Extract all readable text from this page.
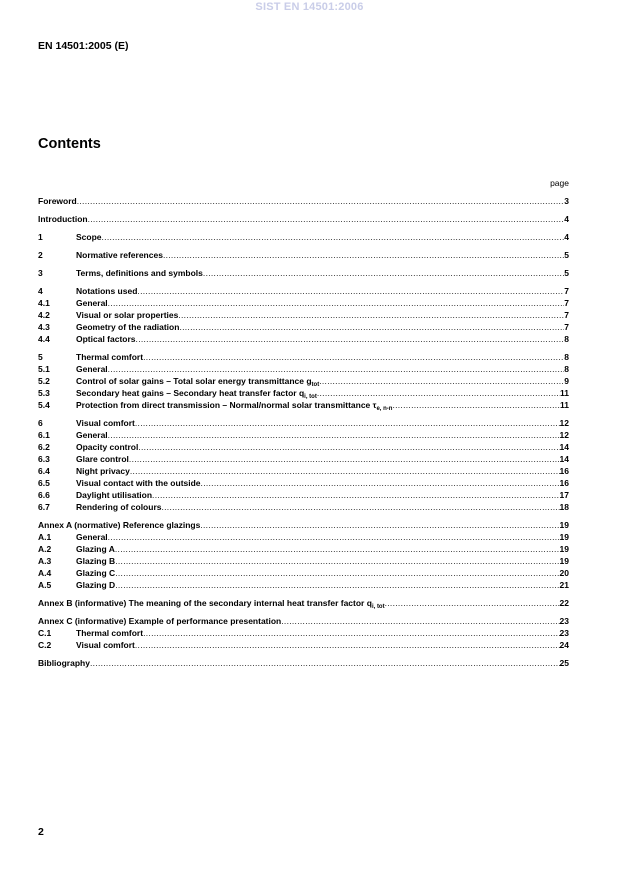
SIST EN 14501:2006
EN 14501:2005 (E)
Contents
page
Foreword .....	3
Introduction .....	4
1	Scope .....	4
2	Normative references .....	5
3	Terms, definitions and symbols .....	5
4	Notations used .....	7
4.1	General .....	7
4.2	Visual or solar properties .....	7
4.3	Geometry of the radiation .....	7
4.4	Optical factors .....	8
5	Thermal comfort .....	8
5.1	General .....	8
5.2	Control of solar gains – Total solar energy transmittance $g_{tot}$ .....	9
5.3	Secondary heat gains – Secondary heat transfer factor $q_{i, tot}$ .....	11
5.4	Protection from direct transmission – Normal/normal solar transmittance $\tau_{e, n-n}$ .....	11
6	Visual comfort .....	12
6.1	General .....	12
6.2	Opacity control .....	14
6.3	Glare control .....	14
6.4	Night privacy .....	16
6.5	Visual contact with the outside .....	16
6.6	Daylight utilisation .....	17
6.7	Rendering of colours .....	18
Annex A (normative) Reference glazings .....	19
A.1	General .....	19
A.2	Glazing A .....	19
A.3	Glazing B .....	19
A.4	Glazing C .....	20
A.5	Glazing D .....	21
Annex B (informative) The meaning of the secondary internal heat transfer factor $q_{i, tot}$ .....	22
Annex C (informative) Example of performance presentation .....	23
C.1	Thermal comfort .....	23
C.2	Visual comfort .....	24
Bibliography .....	25
2
